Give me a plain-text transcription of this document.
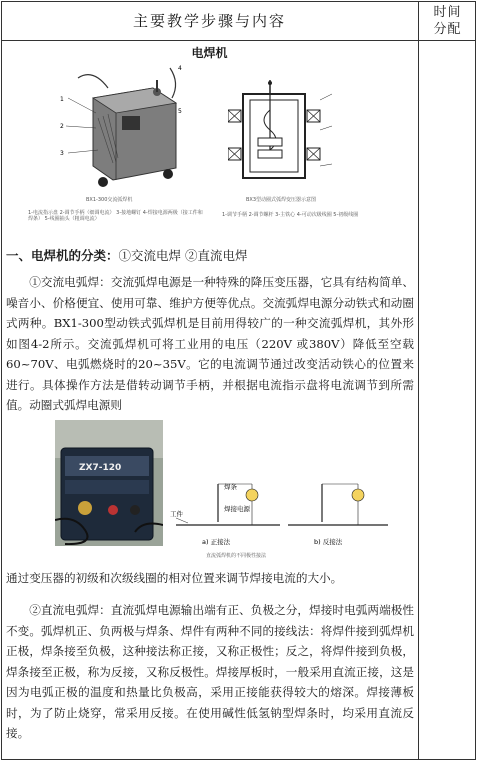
主要教学步骤与内容	时间
分配
电焊机
1
2
3
4
5
BX1-300交流弧焊机
1-电流指示盘 2-调节手柄（细调电流） 3-接地螺钉 4-焊接电源两极（接工件和焊条） 5-线圈抽头（粗调电流）
BX3型动圈式弧焊变压器示意图
1-调节手柄 2-调节螺杆 3-主铁心 4-可动次级线圈 5-初级线圈
一、电焊机的分类：①交流电焊 ②直流电焊

①交流电弧焊：交流弧焊电源是一种特殊的降压变压器，它具有结构简单、噪音小、价格便宜、使用可靠、维护方便等优点。交流弧焊电源分动铁式和动圈式两种。BX1-300型动铁式弧焊机是目前用得较广的一种交流弧焊机，其外形如图4-2所示。交流弧焊机可将工业用的电压（220V 或380V）降低至空载60~70V、电弧燃烧时的20~35V。它的电流调节通过改变活动铁心的位置来进行。具体操作方法是借转动调节手柄，并根据电流指示盘将电流调节到所需值。动圈式弧焊电源则

ZX7-120
工件
焊条
焊接电源
a) 正接法	b) 反接法
直流弧焊机的不同极性接法

通过变压器的初级和次级线圈的相对位置来调节焊接电流的大小。

②直流电弧焊：直流弧焊电源输出端有正、负极之分，焊接时电弧两端极性不变。弧焊机正、负两极与焊条、焊件有两种不同的接线法：将焊件接到弧焊机正极，焊条接至负极，这种接法称正接，又称正极性；反之，将焊件接到负极，焊条接至正极，称为反接，又称反极性。焊接厚板时，一般采用直流正接，这是因为电弧正极的温度和热量比负极高，采用正接能获得较大的熔深。焊接薄板时，为了防止烧穿，常采用反接。在使用碱性低氢钠型焊条时，均采用直流反接。
